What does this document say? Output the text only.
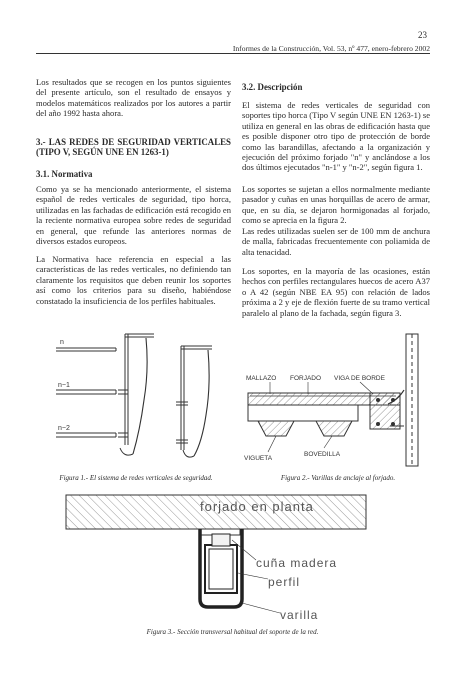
23
Informes de la Construcción, Vol. 53, nº 477, enero-febrero 2002

Los resultados que se recogen en los puntos siguientes del presente artículo, son el resultado de ensayos y modelos matemáticos realizados por los autores a partir del año 1992 hasta ahora.

3.- LAS REDES DE SEGURIDAD VERTICALES (TIPO V, SEGÚN UNE EN 1263-1)
3.1. Normativa

Como ya se ha mencionado anteriormente, el sistema español de redes verticales de seguridad, tipo horca, utilizadas en las fachadas de edificación está recogido en la reciente normativa europea sobre redes de seguridad en general, que refunde las anteriores normas de diversos estados europeos.

La Normativa hace referencia en especial a las características de las redes verticales, no definiendo tan claramente los requisitos que deben reunir los soportes así como los criterios para su diseño, habiéndose constatado la insuficiencia de los perfiles habituales.

3.2. Descripción

El sistema de redes verticales de seguridad con soportes tipo horca (Tipo V según UNE EN 1263-1) se utiliza en general en las obras de edificación hasta que es posible disponer otro tipo de protección de borde como las barandillas, afectando a la organización y ejecución del próximo forjado "n" y anclándose a los dos últimos ejecutados "n-1" y "n-2", según figura 1.

Los soportes se sujetan a ellos normalmente mediante pasador y cuñas en unas horquillas de acero de armar, que, en su día, se dejaron hormigonadas al forjado, como se aprecia en la figura 2.

Las redes utilizadas suelen ser de 100 mm de anchura de malla, fabricadas frecuentemente con poliamida de alta tenacidad.

Los soportes, en la mayoría de las ocasiones, están hechos con perfiles rectangulares huecos de acero A37 o A 42 (según NBE EA 95) con relación de lados próxima a 2 y eje de flexión fuerte de su tramo vertical paralelo al plano de la fachada, según figura 3.

n
n−1
n−2
Figura 1.- El sistema de redes verticales de seguridad.
MALLAZO FORJADO VIGA DE BORDE
BOVEDILLA
VIGUETA
Figura 2.- Varillas de anclaje al forjado.
forjado en planta
cuña madera
perfil
varilla
Figura 3.- Sección transversal habitual del soporte de la red.
